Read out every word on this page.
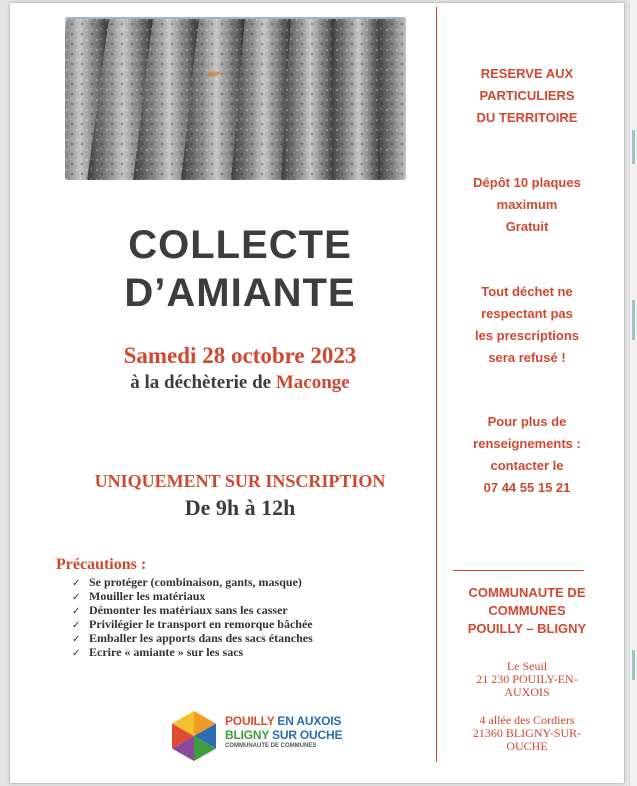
COLLECTE
D’AMIANTE
Samedi 28 octobre 2023
à la déchèterie de Maconge
UNIQUEMENT SUR INSCRIPTION
De 9h à 12h
Précautions :
✓ Se protéger (combinaison, gants, masque)
✓ Mouiller les matériaux
✓ Démonter les matériaux sans les casser
✓ Privilégier le transport en remorque bâchée
✓ Emballer les apports dans des sacs étanches
✓ Ecrire « amiante » sur les sacs
POUILLY EN AUXOIS
BLIGNY SUR OUCHE
COMMUNAUTE DE COMMUNES
RESERVE AUX
PARTICULIERS
DU TERRITOIRE
Dépôt 10 plaques
maximum
Gratuit
Tout déchet ne
respectant pas
les prescriptions
sera refusé !
Pour plus de
renseignements :
contacter le
07 44 55 15 21
COMMUNAUTE DE
COMMUNES
POUILLY – BLIGNY
Le Seuil
21 230 POUILY-EN-
AUXOIS
4 allée des Cordiers
21360 BLIGNY-SUR-
OUCHE
